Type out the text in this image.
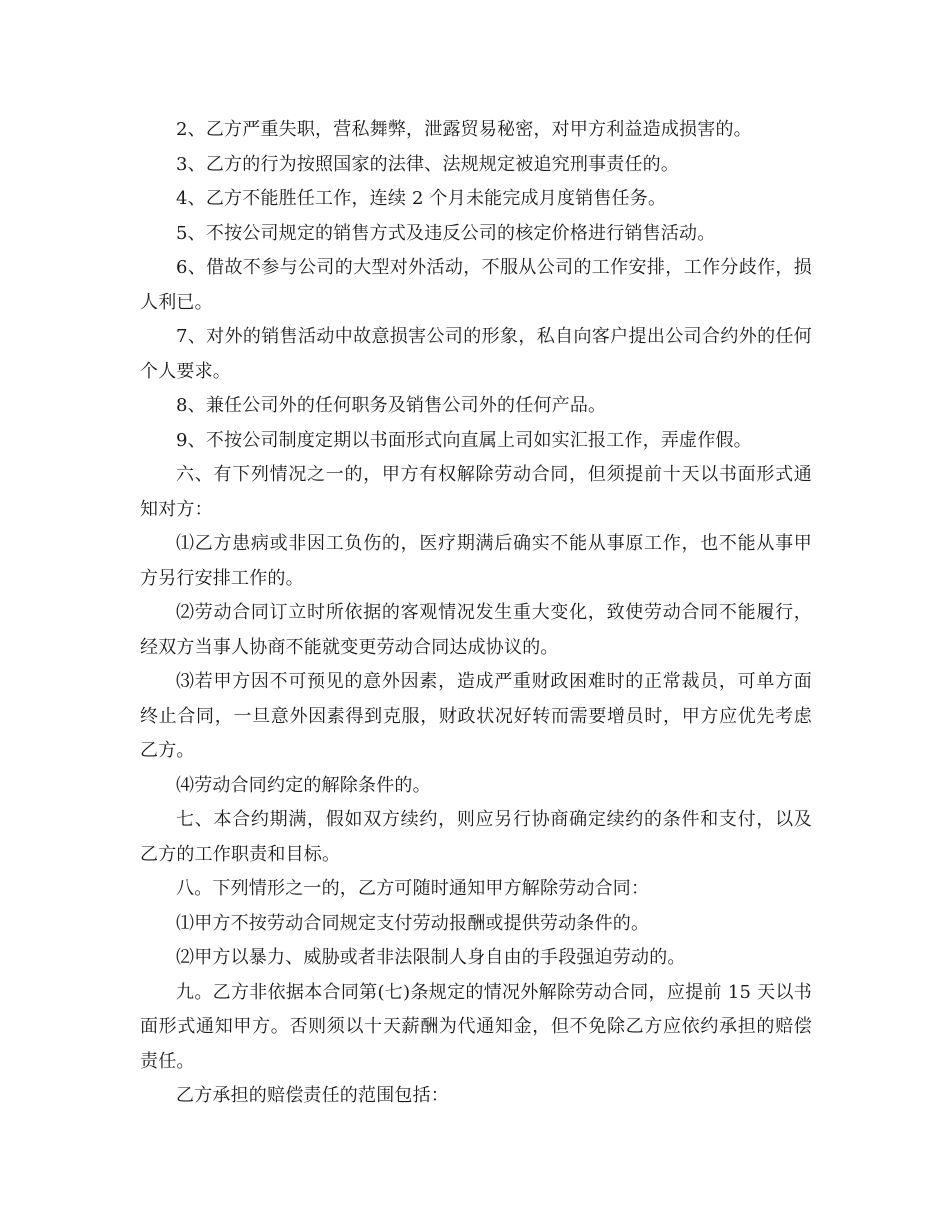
2、乙方严重失职，营私舞弊，泄露贸易秘密，对甲方利益造成损害的。

3、乙方的行为按照国家的法律、法规规定被追究刑事责任的。

4、乙方不能胜任工作，连续 2 个月未能完成月度销售任务。

5、不按公司规定的销售方式及违反公司的核定价格进行销售活动。

6、借故不参与公司的大型对外活动，不服从公司的工作安排，工作分歧作，损人利已。

7、对外的销售活动中故意损害公司的形象，私自向客户提出公司合约外的任何个人要求。

8、兼任公司外的任何职务及销售公司外的任何产品。

9、不按公司制度定期以书面形式向直属上司如实汇报工作，弄虚作假。

六、有下列情况之一的，甲方有权解除劳动合同，但须提前十天以书面形式通知对方：

⑴乙方患病或非因工负伤的，医疗期满后确实不能从事原工作，也不能从事甲方另行安排工作的。

⑵劳动合同订立时所依据的客观情况发生重大变化，致使劳动合同不能履行，经双方当事人协商不能就变更劳动合同达成协议的。

⑶若甲方因不可预见的意外因素，造成严重财政困难时的正常裁员，可单方面终止合同，一旦意外因素得到克服，财政状况好转而需要增员时，甲方应优先考虑乙方。

⑷劳动合同约定的解除条件的。

七、本合约期满，假如双方续约，则应另行协商确定续约的条件和支付，以及乙方的工作职责和目标。

八。下列情形之一的，乙方可随时通知甲方解除劳动合同：

⑴甲方不按劳动合同规定支付劳动报酬或提供劳动条件的。

⑵甲方以暴力、威胁或者非法限制人身自由的手段强迫劳动的。

九。乙方非依据本合同第(七)条规定的情况外解除劳动合同，应提前 15 天以书面形式通知甲方。否则须以十天薪酬为代通知金，但不免除乙方应依约承担的赔偿责任。

乙方承担的赔偿责任的范围包括：
